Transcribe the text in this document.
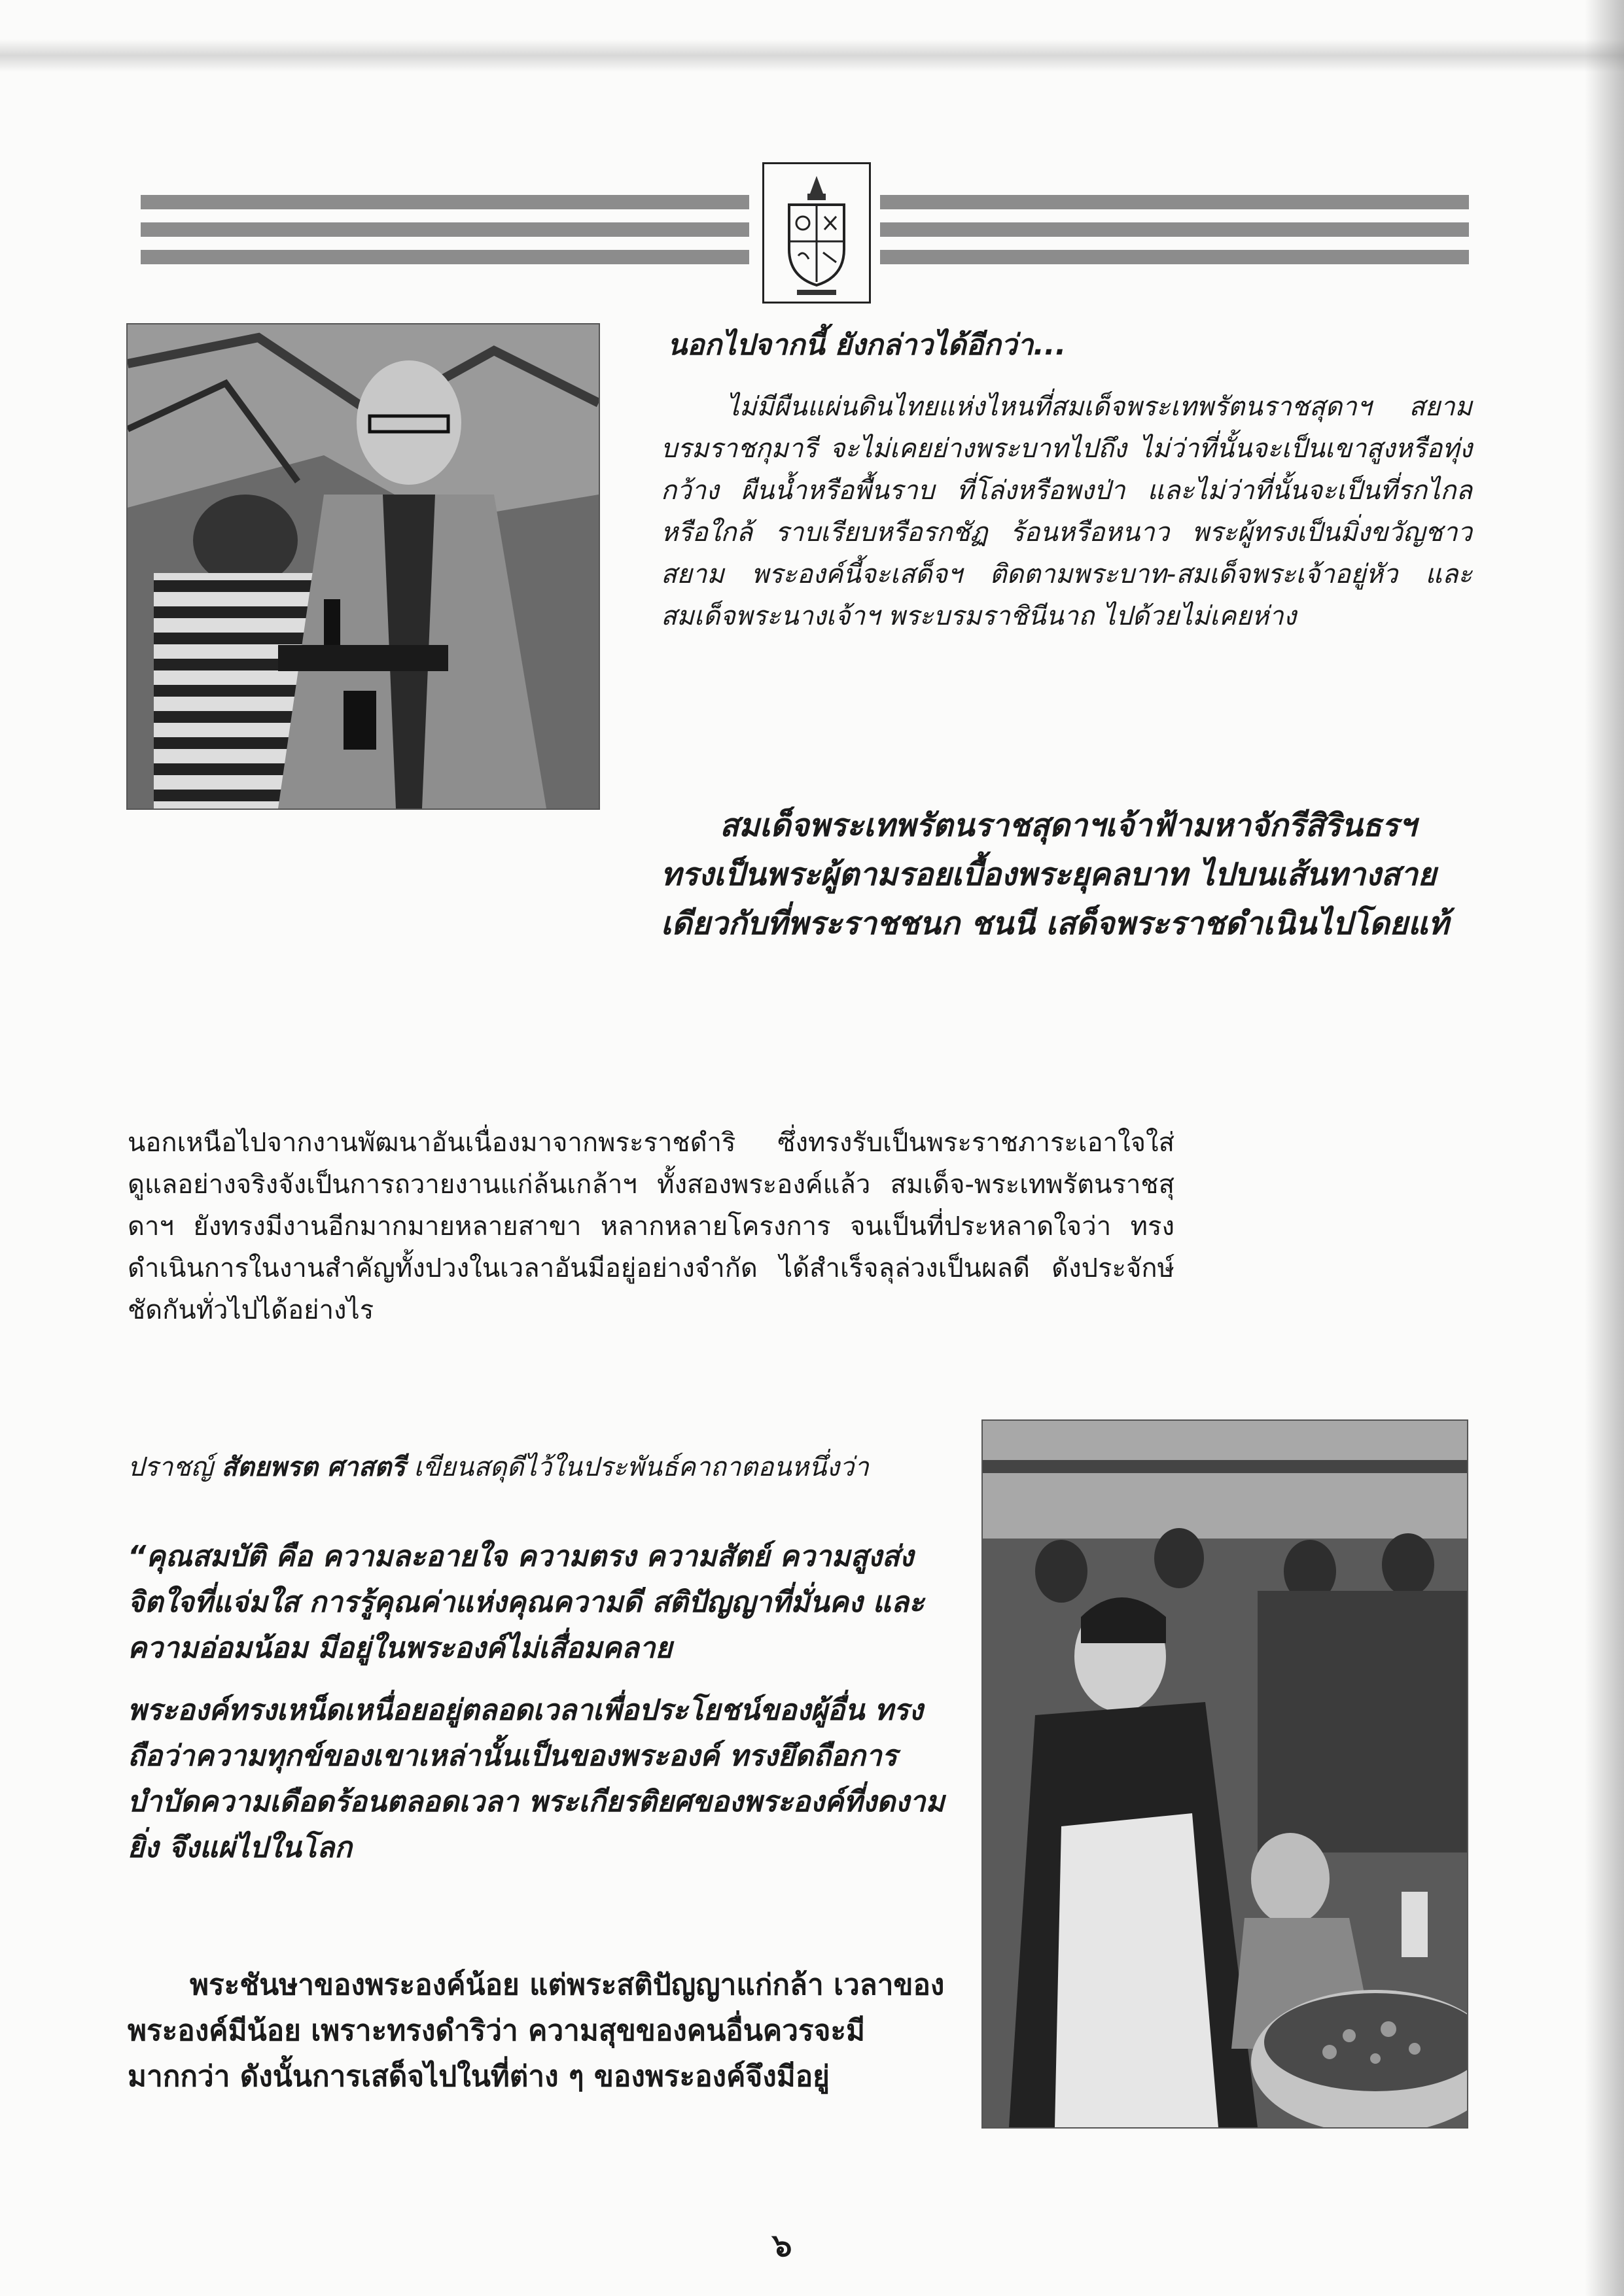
นอกไปจากนี้ ยังกล่าวได้อีกว่า...

ไม่มีผืนแผ่นดินไทยแห่งไหนที่สมเด็จพระเทพรัตนราชสุดาฯ สยามบรมราชกุมารี จะไม่เคยย่างพระบาทไปถึง ไม่ว่าที่นั้นจะเป็นเขาสูงหรือทุ่งกว้าง ผืนน้ำหรือพื้นราบ ที่โล่งหรือพงป่า และไม่ว่าที่นั้นจะเป็นที่รกไกลหรือใกล้ ราบเรียบหรือรกชัฏ ร้อนหรือหนาว พระผู้ทรงเป็นมิ่งขวัญชาวสยาม พระองค์นี้จะเสด็จฯ ติดตามพระบาท-สมเด็จพระเจ้าอยู่หัว และสมเด็จพระนางเจ้าฯ พระบรมราชินีนาถ ไปด้วยไม่เคยห่าง

สมเด็จพระเทพรัตนราชสุดาฯเจ้าฟ้ามหาจักรีสิรินธรฯ ทรงเป็นพระผู้ตามรอยเบื้องพระยุคลบาท ไปบนเส้นทางสายเดียวกับที่พระราชชนก ชนนี เสด็จพระราชดำเนินไปโดยแท้

นอกเหนือไปจากงานพัฒนาอันเนื่องมาจากพระราชดำริ ซึ่งทรงรับเป็นพระราชภาระเอาใจใส่ดูแลอย่างจริงจังเป็นการถวายงานแก่ล้นเกล้าฯ ทั้งสองพระองค์แล้ว สมเด็จ-พระเทพรัตนราชสุดาฯ ยังทรงมีงานอีกมากมายหลายสาขา หลากหลายโครงการ จนเป็นที่ประหลาดใจว่า ทรงดำเนินการในงานสำคัญทั้งปวงในเวลาอันมีอยู่อย่างจำกัด ได้สำเร็จลุล่วงเป็นผลดี ดังประจักษ์ชัดกันทั่วไปได้อย่างไร

ปราชญ์ สัตยพรต ศาสตรี เขียนสดุดีไว้ในประพันธ์คาถาตอนหนึ่งว่า

“คุณสมบัติ คือ ความละอายใจ ความตรง ความสัตย์ ความสูงส่ง จิตใจที่แจ่มใส การรู้คุณค่าแห่งคุณความดี สติปัญญาที่มั่นคง และความอ่อมน้อม มีอยู่ในพระองค์ไม่เสื่อมคลาย

พระองค์ทรงเหน็ดเหนื่อยอยู่ตลอดเวลาเพื่อประโยชน์ของผู้อื่น ทรงถือว่าความทุกข์ของเขาเหล่านั้นเป็นของพระองค์ ทรงยึดถือการบำบัดความเดือดร้อนตลอดเวลา พระเกียรติยศของพระองค์ที่งดงามยิ่ง จึงแผ่ไปในโลก

พระชันษาของพระองค์น้อย แต่พระสติปัญญาแก่กล้า เวลาของพระองค์มีน้อย เพราะทรงดำริว่า ความสุขของคนอื่นควรจะมีมากกว่า ดังนั้นการเสด็จไปในที่ต่าง ๆ ของพระองค์จึงมีอยู่

๖
